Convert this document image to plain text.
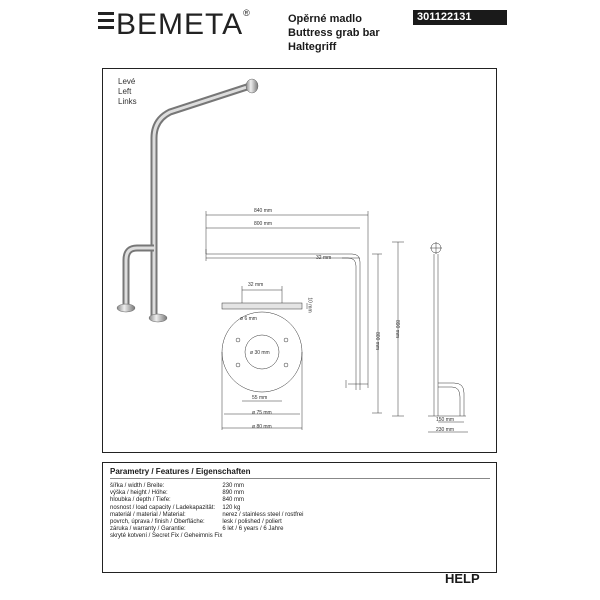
BEMETA®	Opěrné madlo
Buttress grab bar
Haltegriff
301122131
Levé
Left
Links
840 mm
800 mm
32 mm
32 mm
10 mm
ø 6 mm
ø 30 mm
55 mm
ø 75 mm
ø 80 mm
800 mm
890 mm
150 mm
230 mm
Parametry / Features / Eigenschaften
šířka / width / Breite:	230 mm
výška / height / Höhe:	890 mm
hloubka / depth / Tiefe:	840 mm
nosnost / load capacity / Ladekapazität:	120 kg
materiál / material / Material:	nerez / stainless steel / rostfrei
povrch, úprava / finish / Oberfläche:	lesk / polished / poliert
záruka / warranty / Garantie:	6 let / 6 years / 6 Jahre
skryté kotvení / Secret Fix / Geheimnis Fix	
HELP
